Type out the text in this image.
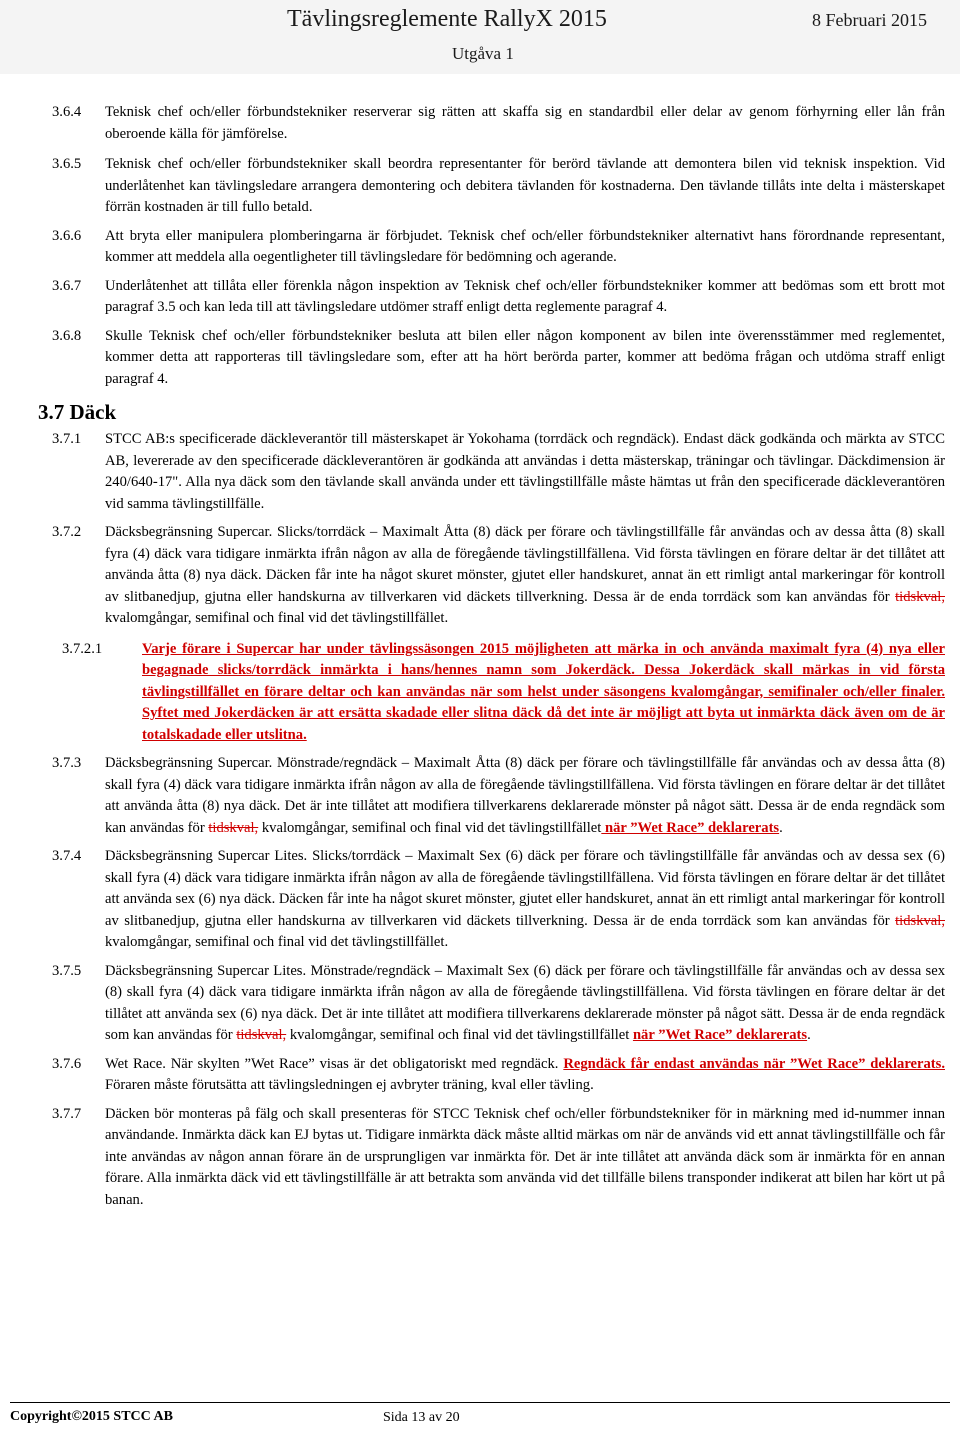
Tävlingsreglemente RallyX 2015	8 Februari 2015
Utgåva 1
3.6.4 Teknisk chef och/eller förbundstekniker reserverar sig rätten att skaffa sig en standardbil eller delar av genom förhyrning eller lån från oberoende källa för jämförelse.
3.6.5 Teknisk chef och/eller förbundstekniker skall beordra representanter för berörd tävlande att demontera bilen vid teknisk inspektion. Vid underlåtenhet kan tävlingsledare arrangera demontering och debitera tävlanden för kostnaderna. Den tävlande tillåts inte delta i mästerskapet förrän kostnaden är till fullo betald.
3.6.6 Att bryta eller manipulera plomberingarna är förbjudet. Teknisk chef och/eller förbundstekniker alternativt hans förordnande representant, kommer att meddela alla oegentligheter till tävlingsledare för bedömning och agerande.
3.6.7 Underlåtenhet att tillåta eller förenkla någon inspektion av Teknisk chef och/eller förbundstekniker kommer att bedömas som ett brott mot paragraf 3.5 och kan leda till att tävlingsledare utdömer straff enligt detta reglemente paragraf 4.
3.6.8 Skulle Teknisk chef och/eller förbundstekniker besluta att bilen eller någon komponent av bilen inte överensstämmer med reglementet, kommer detta att rapporteras till tävlingsledare som, efter att ha hört berörda parter, kommer att bedöma frågan och utdöma straff enligt paragraf 4.
3.7 Däck
3.7.1 STCC AB:s specificerade däckleverantör till mästerskapet är Yokohama (torrdäck och regndäck). Endast däck godkända och märkta av STCC AB, levererade av den specificerade däckleverantören är godkända att användas i detta mästerskap, träningar och tävlingar. Däckdimension är 240/640-17". Alla nya däck som den tävlande skall använda under ett tävlingstillfälle måste hämtas ut från den specificerade däckleverantören vid samma tävlingstillfälle.
3.7.2 Däcksbegränsning Supercar. Slicks/torrdäck – Maximalt Åtta (8) däck per förare och tävlingstillfälle får användas och av dessa åtta (8) skall fyra (4) däck vara tidigare inmärkta ifrån någon av alla de föregående tävlingstillfällena. Vid första tävlingen en förare deltar är det tillåtet att använda åtta (8) nya däck. Däcken får inte ha något skuret mönster, gjutet eller handskuret, annat än ett rimligt antal markeringar för kontroll av slitbanedjup, gjutna eller handskurna av tillverkaren vid däckets tillverkning. Dessa är de enda torrdäck som kan användas för tidskval, kvalomgångar, semifinal och final vid det tävlingstillfället.
3.7.2.1	Varje förare i Supercar har under tävlingssäsongen 2015 möjligheten att märka in och använda maximalt fyra (4) nya eller begagnade slicks/torrdäck inmärkta i hans/hennes namn som Jokerdäck. Dessa Jokerdäck skall märkas in vid första tävlingstillfället en förare deltar och kan användas när som helst under säsongens kvalomgångar, semifinaler och/eller finaler. Syftet med Jokerdäcken är att ersätta skadade eller slitna däck då det inte är möjligt att byta ut inmärkta däck även om de är totalskadade eller utslitna.
3.7.3 Däcksbegränsning Supercar. Mönstrade/regndäck – Maximalt Åtta (8) däck per förare och tävlingstillfälle får användas och av dessa åtta (8) skall fyra (4) däck vara tidigare inmärkta ifrån någon av alla de föregående tävlingstillfällena. Vid första tävlingen en förare deltar är det tillåtet att använda åtta (8) nya däck. Det är inte tillåtet att modifiera tillverkarens deklarerade mönster på något sätt. Dessa är de enda regndäck som kan användas för tidskval, kvalomgångar, semifinal och final vid det tävlingstillfället när ”Wet Race” deklarerats.
3.7.4 Däcksbegränsning Supercar Lites. Slicks/torrdäck – Maximalt Sex (6) däck per förare och tävlingstillfälle får användas och av dessa sex (6) skall fyra (4) däck vara tidigare inmärkta ifrån någon av alla de föregående tävlingstillfällena. Vid första tävlingen en förare deltar är det tillåtet att använda sex (6) nya däck. Däcken får inte ha något skuret mönster, gjutet eller handskuret, annat än ett rimligt antal markeringar för kontroll av slitbanedjup, gjutna eller handskurna av tillverkaren vid däckets tillverkning. Dessa är de enda torrdäck som kan användas för tidskval, kvalomgångar, semifinal och final vid det tävlingstillfället.
3.7.5 Däcksbegränsning Supercar Lites. Mönstrade/regndäck – Maximalt Sex (6) däck per förare och tävlingstillfälle får användas och av dessa sex (8) skall fyra (4) däck vara tidigare inmärkta ifrån någon av alla de föregående tävlingstillfällena. Vid första tävlingen en förare deltar är det tillåtet att använda sex (6) nya däck. Det är inte tillåtet att modifiera tillverkarens deklarerade mönster på något sätt. Dessa är de enda regndäck som kan användas för tidskval, kvalomgångar, semifinal och final vid det tävlingstillfället när ”Wet Race” deklarerats.
3.7.6 Wet Race. När skylten ”Wet Race” visas är det obligatoriskt med regndäck. Regndäck får endast användas när ”Wet Race” deklarerats. Föraren måste förutsätta att tävlingsledningen ej avbryter träning, kval eller tävling.
3.7.7 Däcken bör monteras på fälg och skall presenteras för STCC Teknisk chef och/eller förbundstekniker för in märkning med id-nummer innan användande. Inmärkta däck kan EJ bytas ut. Tidigare inmärkta däck måste alltid märkas om när de används vid ett annat tävlingstillfälle och får inte användas av någon annan förare än de ursprungligen var inmärkta för. Det är inte tillåtet att använda däck som är inmärkta för en annan förare. Alla inmärkta däck vid ett tävlingstillfälle är att betrakta som använda vid det tillfälle bilens transponder indikerat att bilen har kört ut på banan.
Copyright©2015 STCC AB	Sida 13 av 20
